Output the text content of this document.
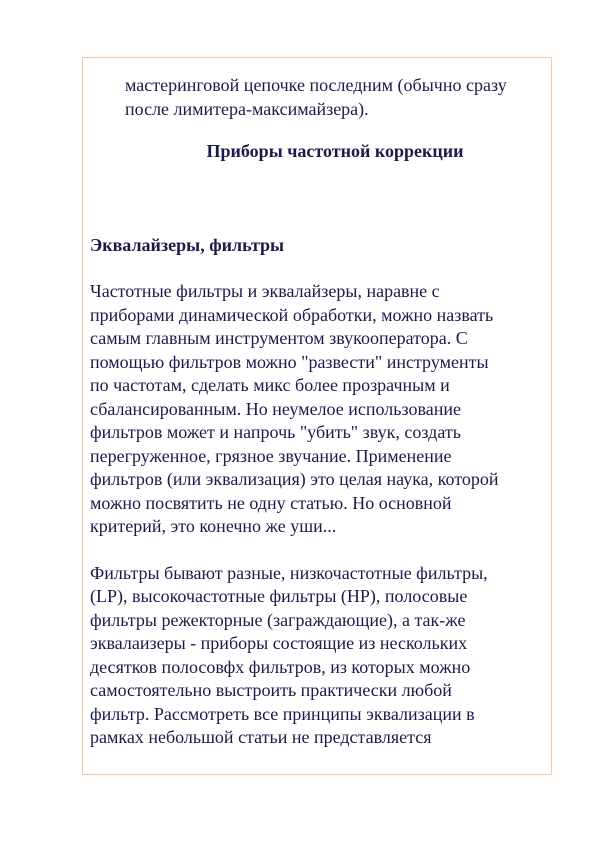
мастеринговой цепочке последним (обычно сразу
после лимитера-максимайзера).

Приборы частотной коррекции

Эквалайзеры, фильтры

Частотные фильтры и эквалайзеры, наравне с
приборами динамической обработки, можно назвать
самым главным инструментом звукооператора. С
помощью фильтров можно "развести" инструменты
по частотам, сделать микс более прозрачным и
сбалансированным. Но неумелое использование
фильтров может и напрочь "убить" звук, создать
перегруженное, грязное звучание. Применение
фильтров (или эквализация) это целая наука, которой
можно посвятить не одну статью. Но основной
критерий, это конечно же уши...

Фильтры бывают разные, низкочастотные фильтры,
(LP), высокочастотные фильтры (HP), полосовые
фильтры режекторные (заграждающие), а так-же
эквалаизеры - приборы состоящие из нескольких
десятков полосовфх фильтров, из которых можно
самостоятельно выстроить практически любой
фильтр. Рассмотреть все принципы эквализации в
рамках небольшой статьи не представляется
